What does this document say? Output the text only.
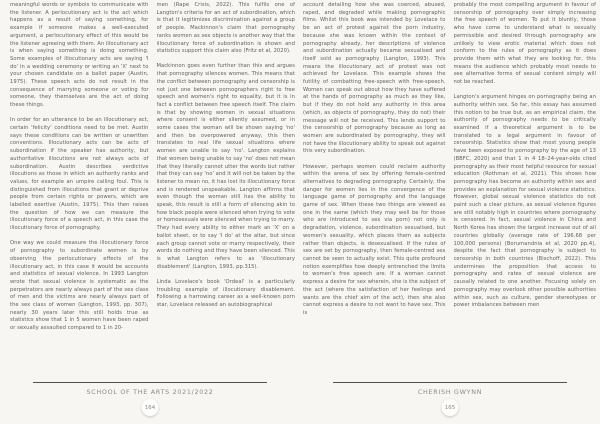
meaningful words or symbols to communicate with the listener. A perlocutionary act is the act which happens as a result of saying something, for example if someone makes a well-executed argument, a perlocutionary effect of this would be the listener agreeing with them. An illocutionary act is when saying something is doing something. Some examples of illocutionary acts are saying 'I do' in a wedding ceremony or writing an 'X' next to your chosen candidate on a ballot paper (Austin, 1975). These speech acts do not result in the consequence of marrying someone or voting for someone, they themselves are the act of doing these things.

In order for an utterance to be an illocutionary act, certain 'felicity' conditions need to be met. Austin says these conditions can be written or unwritten conventions. Illocutionary acts can be acts of subordination if the speaker has authority, but authoritative illocutions are not always acts of subordination. Austin describes verdictive illocutions as those in which an authority ranks and values, for example an umpire calling foul. This is distinguished from illocutions that grant or deprive people from certain rights or powers, which are labelled exertive (Austin, 1975). This then raises the question of how we can measure the illocutionary force of a speech act, in this case the illocutionary force of pornography.

One way we could measure the illocutionary force of pornography to subordinate women is by observing the perlocutionary effects of the illocutionary act, in this case it would be accounts and statistics of sexual violence. In 1993 Langton wrote that sexual violence is systematic as the perpetrators are nearly always part of the sex class of men and the victims are nearly always part of the sex class of women (Langton, 1993, pp. 307), nearly 30 years later this still holds true as statistics show that 1 in 5 women have been raped or sexually assaulted compared to 1 in 20-

men (Rape Crisis, 2022). This fulfils one of Langton's criteria for an act of subordination, which is that it legitimizes discrimination against a group of people. Mackinnon's claim that pornography ranks women as sex objects is another way that the illocutionary force of subordination is shown and statistics support this claim also (Fritz et al, 2020).

Mackinnon goes even further than this and argues that pornography silences women. This means that the conflict between pornography and censorship is not just one between pornographers right to free speech and women's right to equality, but it is in fact a conflict between free speech itself. The claim is that by showing women in sexual situations where consent is either silently assumed, or in some cases the woman will be shown saying 'no' and then be overpowered anyway, this then translates to real life sexual situations where women are unable to say 'no'. Langton explains that women being unable to say 'no' does not mean that they literally cannot utter the words but rather that they can say 'no' and it will not be taken by the listener to mean no, it has lost its illocutionary force and is rendered unspeakable. Langton affirms that even though the woman still has the ability to speak, this result is still a form of silencing akin to how black people were silenced when trying to vote or homosexuals were silenced when trying to marry. They had every ability to either mark an 'X' on a ballot sheet, or to say 'I do' at the altar, but since each group cannot vote or marry respectively, their words do nothing and they have been silenced. This is what Langton refers to as 'illocutionary disablement' (Langton, 1993, pp.315).

Linda Lovelace's book 'Ordeal' is a particularly troubling example of illocutionary disablement. Following a harrowing career as a well-known porn star, Lovelace released an autobiographical

SCHOOL OF THE ARTS 2021/2022
164

account detailing how she was coerced, abused, raped, and degraded while making pornographic films. Whilst this book was intended by Lovelace to be an act of protest against the porn industry, because she was known within the context of pornography already, her descriptions of violence and subordination actually became sexualised and itself sold as pornography (Langton, 1993). This means the illocutionary act of protest was not achieved for Lovelace. This example shows the futility of combatting free-speech with free-speech. Women can speak out about how they have suffered at the hands of pornography as much as they like, but if they do not hold any authority in this area (which, as objects of pornography, they do not) their message will not be received. This lends support to the censorship of pornography because as long as women are subordinated by pornography, they will not have the illocutionary ability to speak out against this very subordination.

However, perhaps women could reclaim authority within the arena of sex by offering female-centred alternatives to degrading pornography. Certainly, the danger for women lies in the convergence of the language game of pornography and the language game of sex. When these two things are viewed as one in the same (which they may well be for those who are introduced to sex via porn) not only is degradation, violence, subordination sexualised, but women's sexuality, which places them as subjects rather than objects, is desexualised. If the rules of sex are set by pornography, then female-centred sex cannot be seen to actually exist. This quite profound notion exemplifies how deeply entrenched the limits to women's free speech are. If a woman cannot express a desire for sex wherein, she is the subject of the act (where the satisfaction of her feelings and wants are the chief aim of the act), then she also cannot express a desire to not want to have sex. This is

probably the most compelling argument in favour of censorship of pornography over simply increasing the free speech of women. To put it bluntly, those who have come to understand what is sexually permissible and desired through pornography are unlikely to view erotic material which does not conform to the rules of pornography as it does provide them with what they are looking for, this means the audience which probably most needs to see alternative forms of sexual content simply will not be reached.

Langton's argument hinges on pornography being an authority within sex. So far, this essay has assumed this notion to be true but, as an empirical claim, the authority of pornography needs to be critically examined if a theoretical argument is to be translated to a legal argument in favour of censorship. Statistics show that most young people have been exposed to pornography by the age of 13 (BBFC, 2020) and that 1 in 4 18–24-year-olds cited pornography as their most helpful resource for sexual education (Rothman et al, 2021). This shows how pornography has become an authority within sex and provides an explanation for sexual violence statistics. However, global sexual violence statistics do not paint such a clear picture, as sexual violence figures are still notably high in countries where pornography is censored. In fact, sexual violence in China and North Korea has shown the largest increase out of all countries globally (average rate of 196.68 per 100,000 persons) (Borumandnia et al, 2020 pp.4), despite the fact that pornography is subject to censorship in both countries (Bischoff, 2022). This undermines the proposition that access to pornography and rates of sexual violence are causally related to one another. Focusing solely on pornography may overlook other possible authorities within sex, such as culture, gender stereotypes or power imbalances between men

CHERISH GWYNN
165
